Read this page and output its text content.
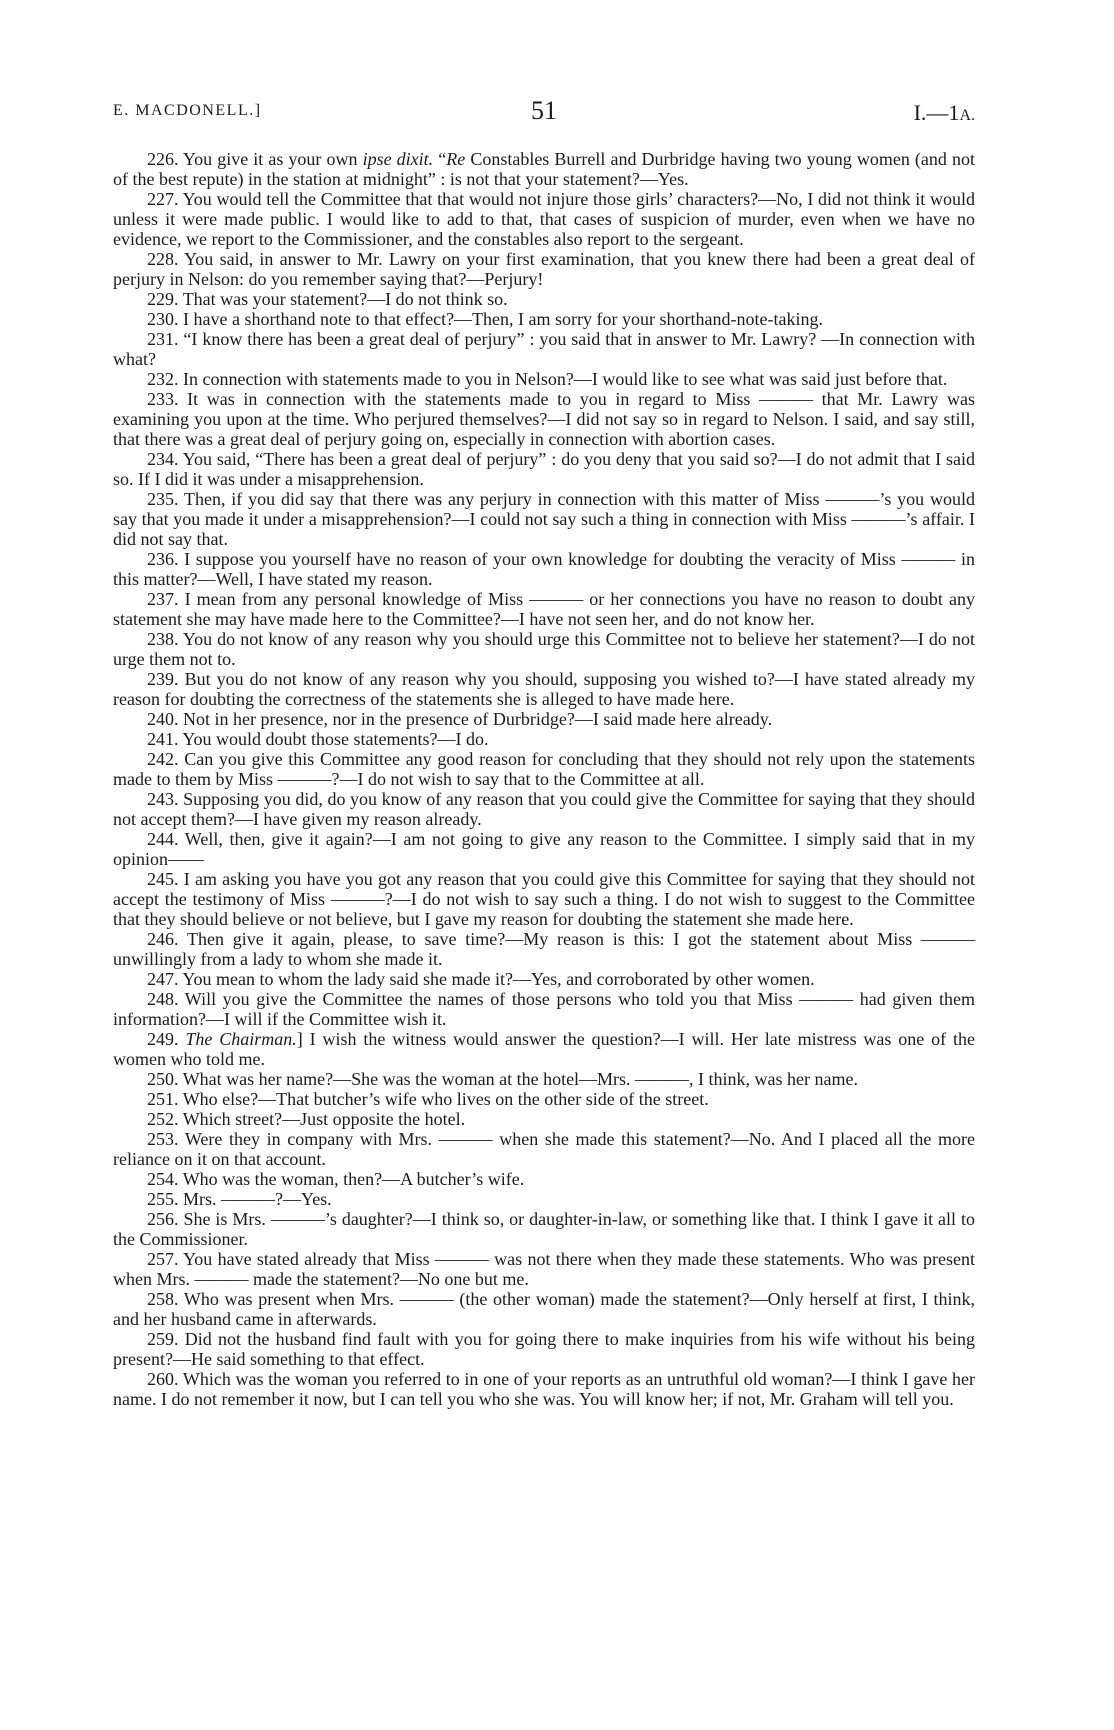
E. MACDONELL.]	51	I.—1A.

226. You give it as your own ipse dixit. “Re Constables Burrell and Durbridge having two young women (and not of the best repute) in the station at midnight” : is not that your statement?—Yes.

227. You would tell the Committee that that would not injure those girls’ characters?—No, I did not think it would unless it were made public. I would like to add to that, that cases of suspicion of murder, even when we have no evidence, we report to the Commissioner, and the constables also report to the sergeant.

228. You said, in answer to Mr. Lawry on your first examination, that you knew there had been a great deal of perjury in Nelson: do you remember saying that?—Perjury!

229. That was your statement?—I do not think so.

230. I have a shorthand note to that effect?—Then, I am sorry for your shorthand-note-taking.

231. “I know there has been a great deal of perjury” : you said that in answer to Mr. Lawry? —In connection with what?

232. In connection with statements made to you in Nelson?—I would like to see what was said just before that.

233. It was in connection with the statements made to you in regard to Miss ——— that Mr. Lawry was examining you upon at the time. Who perjured themselves?—I did not say so in regard to Nelson. I said, and say still, that there was a great deal of perjury going on, especially in connection with abortion cases.

234. You said, “There has been a great deal of perjury” : do you deny that you said so?—I do not admit that I said so. If I did it was under a misapprehension.

235. Then, if you did say that there was any perjury in connection with this matter of Miss ———’s you would say that you made it under a misapprehension?—I could not say such a thing in connection with Miss ———’s affair. I did not say that.

236. I suppose you yourself have no reason of your own knowledge for doubting the veracity of Miss ——— in this matter?—Well, I have stated my reason.

237. I mean from any personal knowledge of Miss ——— or her connections you have no reason to doubt any statement she may have made here to the Committee?—I have not seen her, and do not know her.

238. You do not know of any reason why you should urge this Committee not to believe her statement?—I do not urge them not to.

239. But you do not know of any reason why you should, supposing you wished to?—I have stated already my reason for doubting the correctness of the statements she is alleged to have made here.

240. Not in her presence, nor in the presence of Durbridge?—I said made here already.

241. You would doubt those statements?—I do.

242. Can you give this Committee any good reason for concluding that they should not rely upon the statements made to them by Miss ———?—I do not wish to say that to the Committee at all.

243. Supposing you did, do you know of any reason that you could give the Committee for saying that they should not accept them?—I have given my reason already.

244. Well, then, give it again?—I am not going to give any reason to the Committee. I simply said that in my opinion——

245. I am asking you have you got any reason that you could give this Committee for saying that they should not accept the testimony of Miss ———?—I do not wish to say such a thing. I do not wish to suggest to the Committee that they should believe or not believe, but I gave my reason for doubting the statement she made here.

246. Then give it again, please, to save time?—My reason is this: I got the statement about Miss ——— unwillingly from a lady to whom she made it.

247. You mean to whom the lady said she made it?—Yes, and corroborated by other women.

248. Will you give the Committee the names of those persons who told you that Miss ——— had given them information?—I will if the Committee wish it.

249. The Chairman.] I wish the witness would answer the question?—I will. Her late mistress was one of the women who told me.

250. What was her name?—She was the woman at the hotel—Mrs. ———, I think, was her name.

251. Who else?—That butcher’s wife who lives on the other side of the street.

252. Which street?—Just opposite the hotel.

253. Were they in company with Mrs. ——— when she made this statement?—No. And I placed all the more reliance on it on that account.

254. Who was the woman, then?—A butcher’s wife.

255. Mrs. ———?—Yes.

256. She is Mrs. ———’s daughter?—I think so, or daughter-in-law, or something like that. I think I gave it all to the Commissioner.

257. You have stated already that Miss ——— was not there when they made these statements. Who was present when Mrs. ——— made the statement?—No one but me.

258. Who was present when Mrs. ——— (the other woman) made the statement?—Only herself at first, I think, and her husband came in afterwards.

259. Did not the husband find fault with you for going there to make inquiries from his wife without his being present?—He said something to that effect.

260. Which was the woman you referred to in one of your reports as an untruthful old woman?—I think I gave her name. I do not remember it now, but I can tell you who she was. You will know her; if not, Mr. Graham will tell you.
